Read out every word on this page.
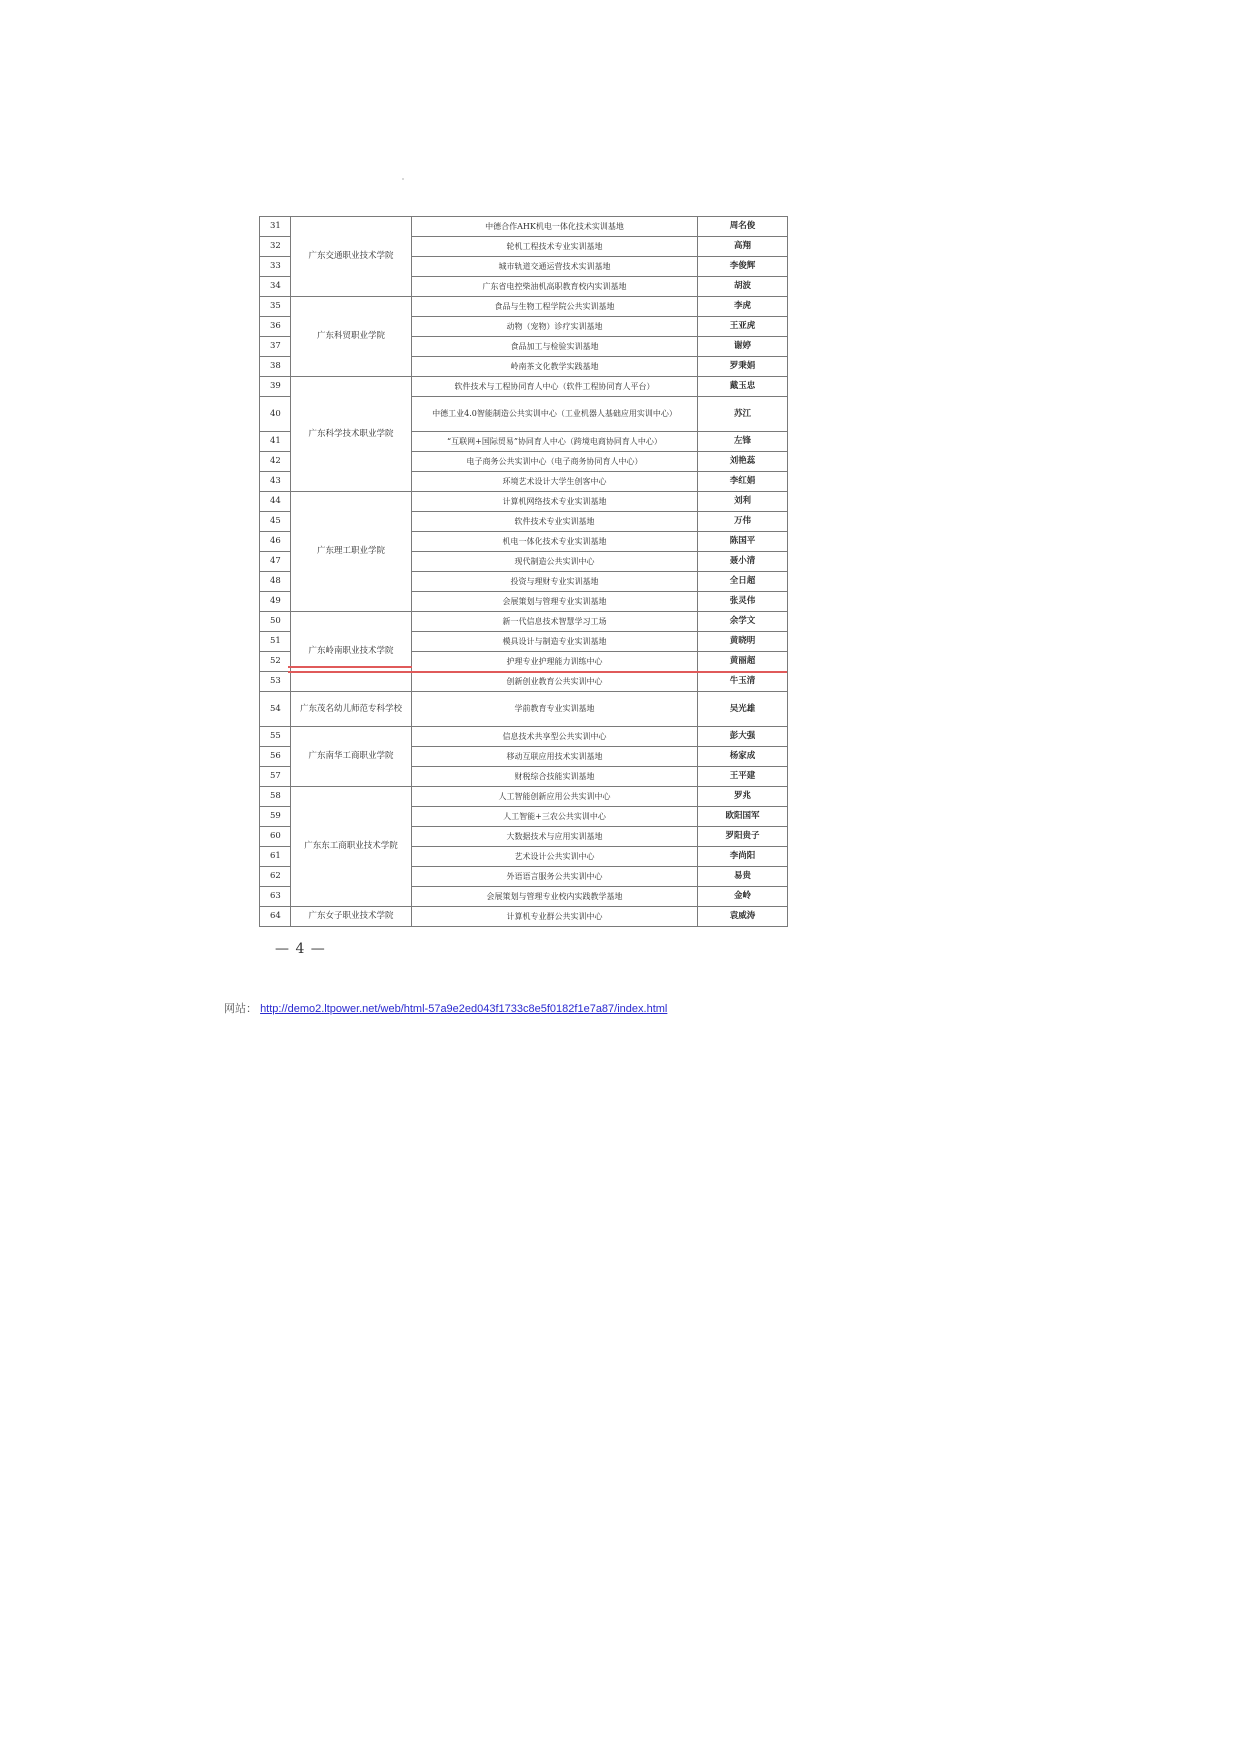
31	广东交通职业技术学院	中德合作AHK机电一体化技术实训基地	周名俊
32		轮机工程技术专业实训基地	高翔
33		城市轨道交通运营技术实训基地	李俊辉
34		广东省电控柴油机高职教育校内实训基地	胡波
35	广东科贸职业学院	食品与生物工程学院公共实训基地	李虎
36		动物（宠物）诊疗实训基地	王亚虎
37		食品加工与检验实训基地	谢婷
38		岭南茶文化教学实践基地	罗秉娟
39	广东科学技术职业学院	软件技术与工程协同育人中心（软件工程协同育人平台）	戴玉忠
40		中德工业4.0智能制造公共实训中心（工业机器人基础应用实训中心）	苏江
41		“互联网+国际贸易”协同育人中心（跨境电商协同育人中心）	左锋
42		电子商务公共实训中心（电子商务协同育人中心）	刘艳蕊
43		环境艺术设计大学生创客中心	李红娟
44	广东理工职业学院	计算机网络技术专业实训基地	刘利
45		软件技术专业实训基地	万伟
46		机电一体化技术专业实训基地	陈国平
47		现代制造公共实训中心	聂小清
48		投资与理财专业实训基地	全日超
49		会展策划与管理专业实训基地	张灵伟
50	广东岭南职业技术学院	新一代信息技术智慧学习工场	余学文
51		模具设计与制造专业实训基地	黄晓明
52		护理专业护理能力训练中心	黄丽超
53		创新创业教育公共实训中心	牛玉清
54	广东茂名幼儿师范专科学校	学前教育专业实训基地	吴光雄
55	广东南华工商职业学院	信息技术共享型公共实训中心	彭大强
56		移动互联应用技术实训基地	杨家成
57		财税综合技能实训基地	王平建
58	广东东工商职业技术学院	人工智能创新应用公共实训中心	罗兆
59		人工智能+三农公共实训中心	欧阳国军
60		大数据技术与应用实训基地	罗阳贵子
61		艺术设计公共实训中心	李尚阳
62		外语语言服务公共实训中心	易贵
63		会展策划与管理专业校内实践教学基地	金岭
64	广东女子职业技术学院	计算机专业群公共实训中心	袁威涛
— 4 —
网站： http://demo2.ltpower.net/web/html-57a9e2ed043f1733c8e5f0182f1e7a87/index.html
